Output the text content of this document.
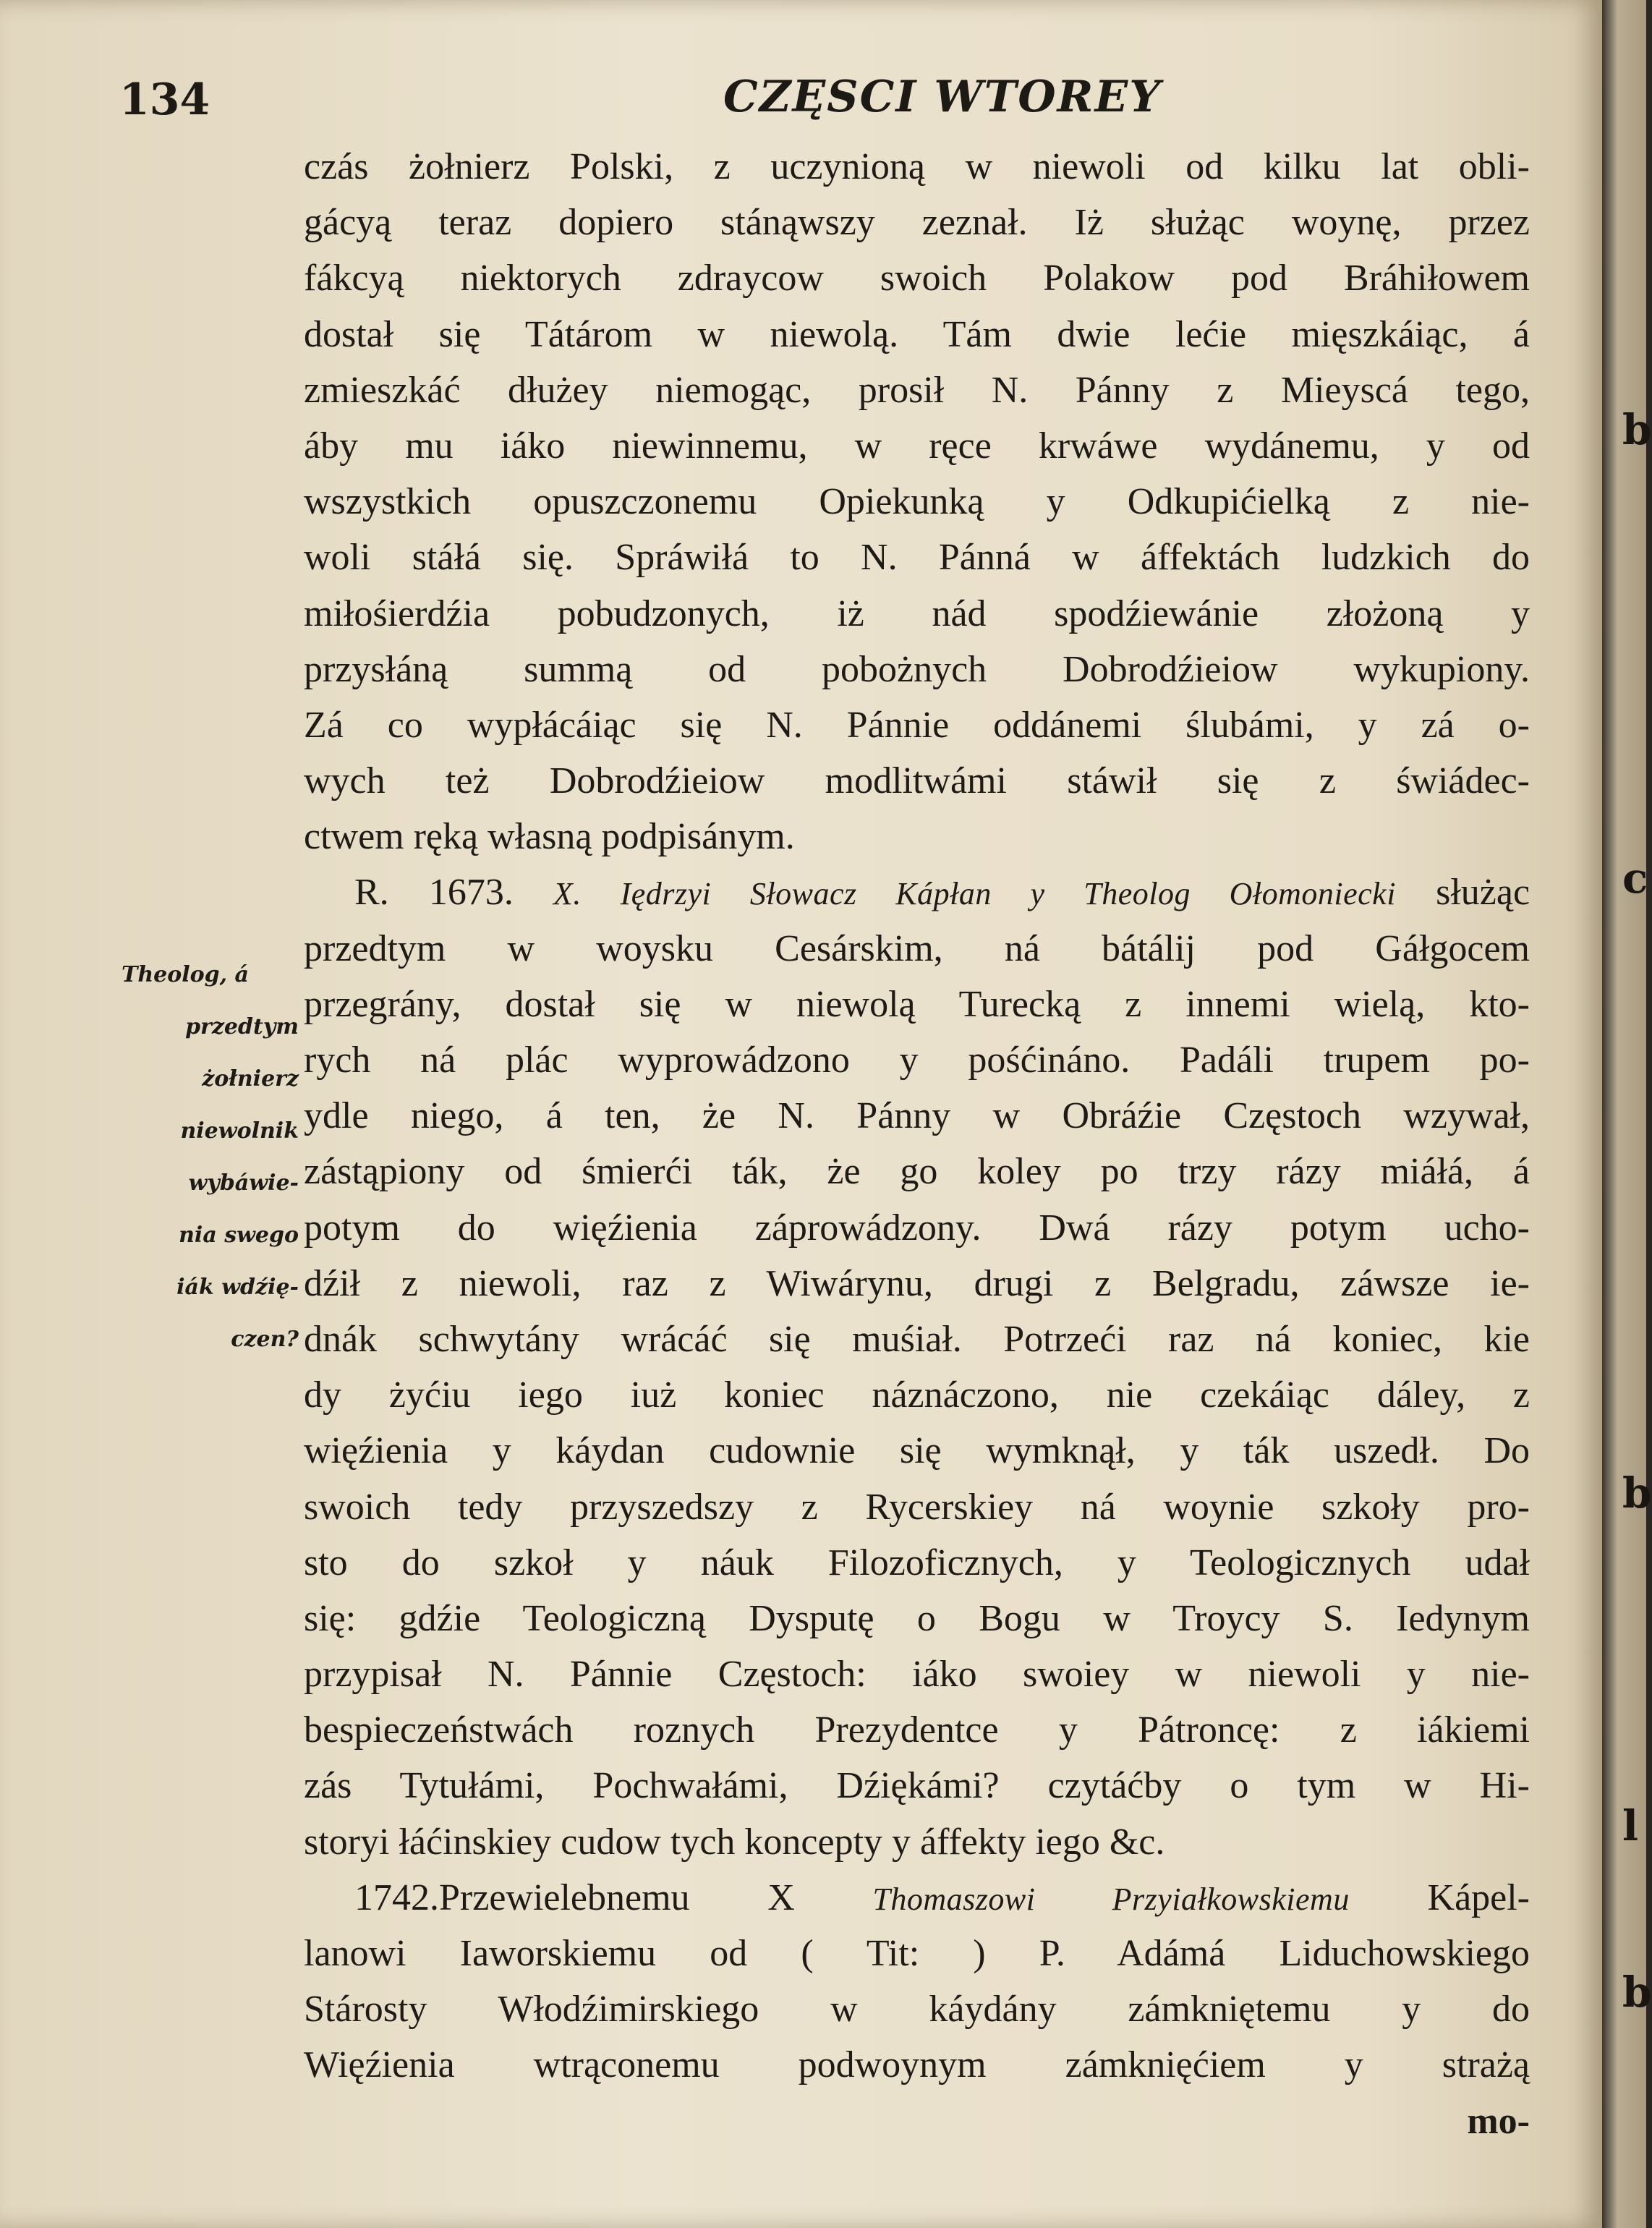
134	CZĘSCI WTOREY
Theolog, á
przedtym
żołnierz
niewolnik
wybáwie-
nia swego
iák wdźię-
czen?
czás żołnierz Polski, z uczynioną w niewoli od kilku lat obli-
gácyą teraz dopiero stánąwszy zeznał. Iż służąc woynę, przez
fákcyą niektorych zdraycow swoich Polakow pod Bráhiłowem
dostał się Tátárom w niewolą. Tám dwie lećie mięszkáiąc, á
zmieszkáć dłużey niemogąc, prosił N. Pánny z Mieyscá tego,
áby mu iáko niewinnemu, w ręce krwáwe wydánemu, y od
wszystkich opuszczonemu Opiekunką y Odkupićielką z nie-
woli stáłá się. Spráwiłá to N. Pánná w áffektách ludzkich do
miłośierdźia pobudzonych, iż nád spodźiewánie złożoną y
przysłáną summą od pobożnych Dobrodźieiow wykupiony.
Zá co wypłácáiąc się N. Pánnie oddánemi ślubámi, y zá o-
wych też Dobrodźieiow modlitwámi stáwił się z świádec-
ctwem ręką własną podpisánym.
R. 1673. X. Iędrzyi Słowacz Kápłan y Theolog Ołomoniecki służąc
przedtym w woysku Cesárskim, ná bátálij pod Gáłgocem
przegrány, dostał się w niewolą Turecką z innemi wielą, kto-
rych ná plác wyprowádzono y pośćináno. Padáli trupem po-
ydle niego, á ten, że N. Pánny w Obráźie Częstoch wzywał,
zástąpiony od śmierći ták, że go koley po trzy rázy miáłá, á
potym do więźienia záprowádzony. Dwá rázy potym ucho-
dźił z niewoli, raz z Wiwárynu, drugi z Belgradu, záwsze ie-
dnák schwytány wrácáć się muśiał. Potrzeći raz ná koniec, kie
dy żyćiu iego iuż koniec náznáczono, nie czekáiąc dáley, z
więźienia y káydan cudownie się wymknął, y ták uszedł. Do
swoich tedy przyszedszy z Rycerskiey ná woynie szkoły pro-
sto do szkoł y náuk Filozoficznych, y Teologicznych udał
się: gdźie Teologiczną Dysputę o Bogu w Troycy S. Iedynym
przypisał N. Pánnie Częstoch: iáko swoiey w niewoli y nie-
bespieczeństwách roznych Prezydentce y Pátroncę: z iákiemi
zás Tytułámi, Pochwałámi, Dźiękámi? czytáćby o tym w Hi-
storyi łáćinskiey cudow tych koncepty y áffekty iego &c.
1742.Przewielebnemu X Thomaszowi Przyiałkowskiemu Kápel-
lanowi Iaworskiemu od ( Tit: ) P. Adámá Liduchowskiego
Stárosty Włodźimirskiego w káydány zámkniętemu y do
Więźienia wtrąconemu podwoynym zámknięćiem y strażą
mo-
b
c
b
l
b
